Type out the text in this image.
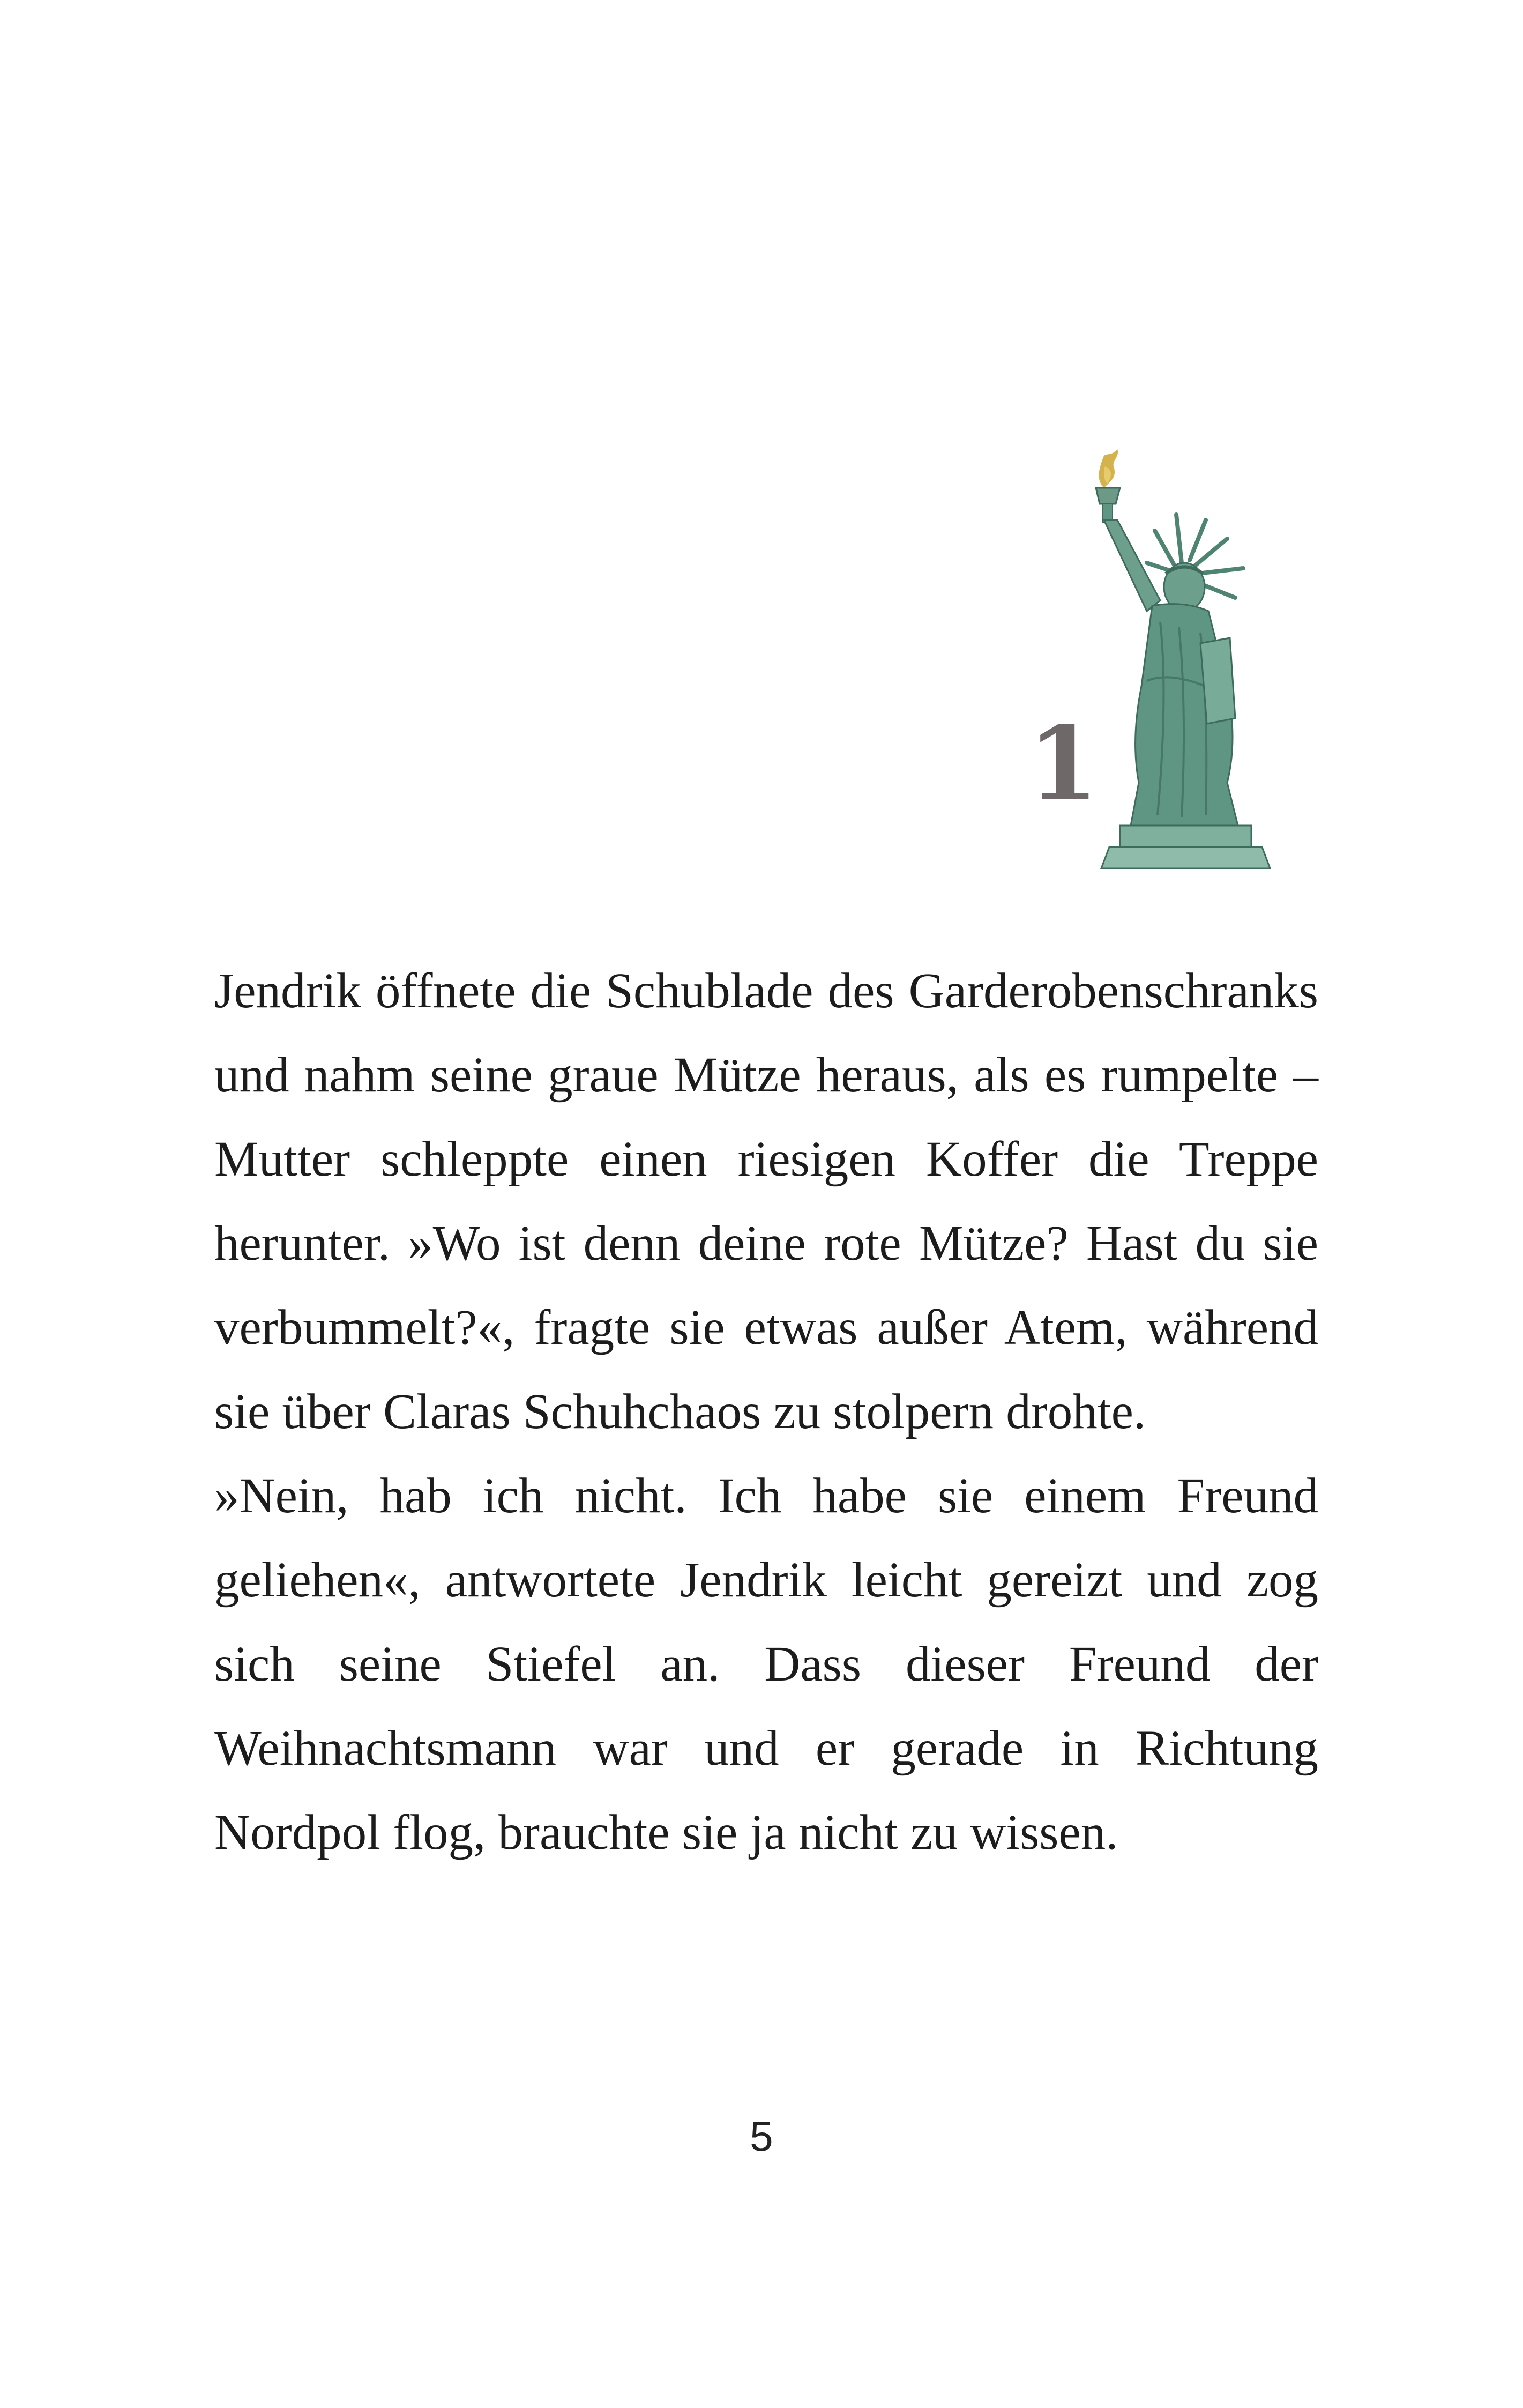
1

Jendrik öffnete die Schublade des Garderobenschranks und nahm seine graue Mütze heraus, als es rumpelte – Mutter schleppte einen riesigen Koffer die Treppe herunter. »Wo ist denn deine rote Mütze? Hast du sie verbummelt?«, fragte sie etwas außer Atem, während sie über Claras Schuhchaos zu stolpern drohte.

»Nein, hab ich nicht. Ich habe sie einem Freund geliehen«, antwortete Jendrik leicht gereizt und zog sich seine Stiefel an. Dass dieser Freund der Weihnachtsmann war und er gerade in Richtung Nordpol flog, brauchte sie ja nicht zu wissen.

5
